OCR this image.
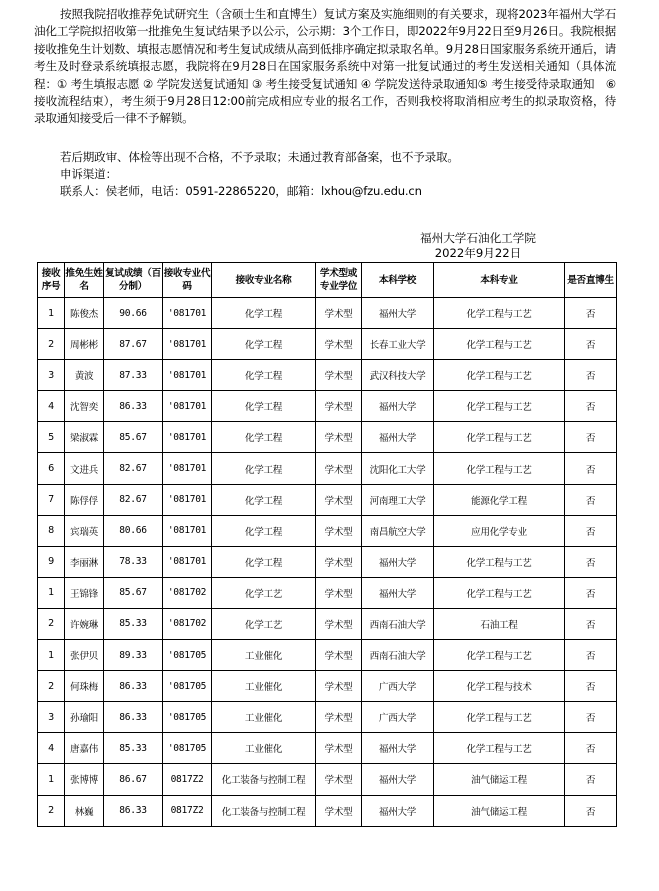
按照我院招收推荐免试研究生（含硕士生和直博生）复试方案及实施细则的有关要求，现将2023年福州大学石油化工学院拟招收第一批推免生复试结果予以公示，公示期：3个工作日，即2022年9月22日至9月26日。我院根据接收推免生计划数、填报志愿情况和考生复试成绩从高到低排序确定拟录取名单。9月28日国家服务系统开通后，请考生及时登录系统填报志愿，我院将在9月28日在国家服务系统中对第一批复试通过的考生发送相关通知（具体流程：① 考生填报志愿 ② 学院发送复试通知 ③ 考生接受复试通知 ④ 学院发送待录取通知⑤ 考生接受待录取通知　⑥接收流程结束），考生须于9月28日12:00前完成相应专业的报名工作，否则我校将取消相应考生的拟录取资格，待录取通知接受后一律不予解锁。
若后期政审、体检等出现不合格，不予录取；未通过教育部备案，也不予录取。
申诉渠道：
联系人：侯老师，电话：0591-22865220，邮箱：lxhou@fzu.edu.cn
福州大学石油化工学院
2022年9月22日
接收序号	推免生姓名	复试成绩（百分制）	接收专业代码	接收专业名称	学术型或专业学位	本科学校	本科专业	是否直博生
1	陈俊杰	90.66	'081701	化学工程	学术型	福州大学	化学工程与工艺	否
2	周彬彬	87.67	'081701	化学工程	学术型	长春工业大学	化学工程与工艺	否
3	黄波	87.33	'081701	化学工程	学术型	武汉科技大学	化学工程与工艺	否
4	沈智奕	86.33	'081701	化学工程	学术型	福州大学	化学工程与工艺	否
5	梁淑霖	85.67	'081701	化学工程	学术型	福州大学	化学工程与工艺	否
6	文进兵	82.67	'081701	化学工程	学术型	沈阳化工大学	化学工程与工艺	否
7	陈俘俘	82.67	'081701	化学工程	学术型	河南理工大学	能源化学工程	否
8	宾瑞英	80.66	'081701	化学工程	学术型	南昌航空大学	应用化学专业	否
9	李丽淋	78.33	'081701	化学工程	学术型	福州大学	化学工程与工艺	否
1	王锦锋	85.67	'081702	化学工艺	学术型	福州大学	化学工程与工艺	否
2	许婉琳	85.33	'081702	化学工艺	学术型	西南石油大学	石油工程	否
1	张伊贝	89.33	'081705	工业催化	学术型	西南石油大学	化学工程与工艺	否
2	何珠梅	86.33	'081705	工业催化	学术型	广西大学	化学工程与技术	否
3	孙瑜阳	86.33	'081705	工业催化	学术型	广西大学	化学工程与工艺	否
4	唐嘉伟	85.33	'081705	工业催化	学术型	福州大学	化学工程与工艺	否
1	张博博	86.67	0817Z2	化工装备与控制工程	学术型	福州大学	油气储运工程	否
2	林巍	86.33	0817Z2	化工装备与控制工程	学术型	福州大学	油气储运工程	否
